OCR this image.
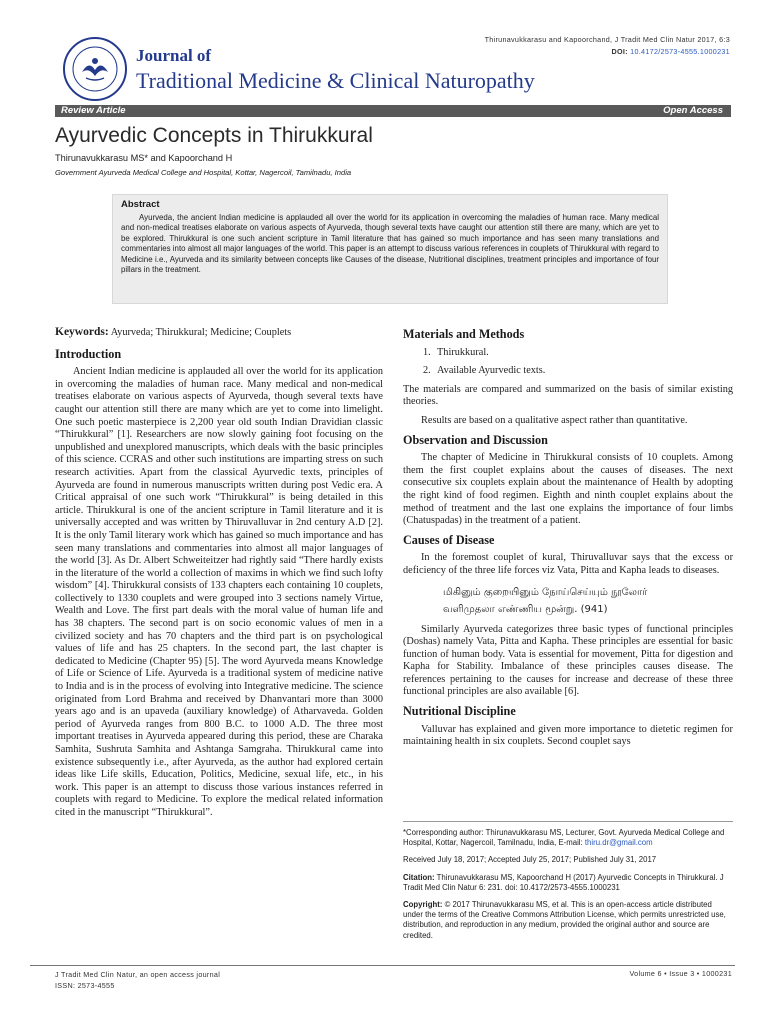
Journal of
Traditional Medicine & Clinical Naturopathy
Thirunavukkarasu and Kapoorchand, J Tradit Med Clin Natur 2017, 6:3
DOI: 10.4172/2573-4555.1000231
Review Article	Open Access
Ayurvedic Concepts in Thirukkural
Thirunavukkarasu MS* and Kapoorchand H
Government Ayurveda Medical College and Hospital, Kottar, Nagercoil, Tamilnadu, India
Abstract
Ayurveda, the ancient Indian medicine is applauded all over the world for its application in overcoming the maladies of human race. Many medical and non-medical treatises elaborate on various aspects of Ayurveda, though several texts have caught our attention still there are many, which are yet to be explored. Thirukkural is one such ancient scripture in Tamil literature that has gained so much importance and has seen many translations and commentaries into almost all major languages of the world. This paper is an attempt to discuss various references in couplets of Thirukkural with regard to Medicine i.e., Ayurveda and its similarity between concepts like Causes of the disease, Nutritional disciplines, treatment principles and importance of four pillars in the treatment.
Keywords: Ayurveda; Thirukkural; Medicine; Couplets
Introduction

Ancient Indian medicine is applauded all over the world for its application in overcoming the maladies of human race. Many medical and non-medical treatises elaborate on various aspects of Ayurveda, though several texts have caught our attention still there are many which are yet to come into limelight. One such poetic masterpiece is 2,200 year old south Indian Dravidian classic “Thirukkural” [1]. Researchers are now slowly gaining foot focusing on the unpublished and unexplored manuscripts, which deals with the basic principles of this science. CCRAS and other such institutions are imparting stress on such research activities. Apart from the classical Ayurvedic texts, principles of Ayurveda are found in numerous manuscripts written during post Vedic era. A Critical appraisal of one such work “Thirukkural” is being detailed in this article. Thirukkural is one of the ancient scripture in Tamil literature and it is universally accepted and was written by Thiruvalluvar in 2nd century A.D [2]. It is the only Tamil literary work which has gained so much importance and has seen many translations and commentaries into almost all major languages of the world [3]. As Dr. Albert Schweiteitzer had rightly said “There hardly exists in the literature of the world a collection of maxims in which we find such lofty wisdom” [4]. Thirukkural consists of 133 chapters each containing 10 couplets, collectively to 1330 couplets and were grouped into 3 sections namely Virtue, Wealth and Love. The first part deals with the moral value of human life and has 38 chapters. The second part is on socio economic values of men in a civilized society and has 70 chapters and the third part is on psychological values of life and has 25 chapters. In the second part, the last chapter is dedicated to Medicine (Chapter 95) [5]. The word Ayurveda means Knowledge of Life or Science of Life. Ayurveda is a traditional system of medicine native to India and is in the process of evolving into Integrative medicine. The science originated from Lord Brahma and received by Dhanvantari more than 3000 years ago and is an upaveda (auxiliary knowledge) of Atharvaveda. Golden period of Ayurveda ranges from 800 B.C. to 1000 A.D. The three most important treatises in Ayurveda appeared during this period, these are Charaka Samhita, Sushruta Samhita and Ashtanga Samgraha. Thirukkural came into existence subsequently i.e., after Ayurveda, as the author had explored certain ideas like Life skills, Education, Politics, Medicine, sexual life, etc., in his work. This paper is an attempt to discuss those various instances referred in couplets with regard to Medicine. To explore the medical related information cited in the manuscript “Thirukkural”.

Materials and Methods
1. Thirukkural.
2. Available Ayurvedic texts.

The materials are compared and summarized on the basis of similar existing theories.

Results are based on a qualitative aspect rather than quantitative.

Observation and Discussion

The chapter of Medicine in Thirukkural consists of 10 couplets. Among them the first couplet explains about the causes of diseases. The next consecutive six couplets explain about the maintenance of Health by adopting the right kind of food regimen. Eighth and ninth couplet explains about the method of treatment and the last one explains the importance of four limbs (Chatuspadas) in the treatment of a patient.

Causes of Disease

In the foremost couplet of kural, Thiruvalluvar says that the excess or deficiency of the three life forces viz Vata, Pitta and Kapha leads to diseases.

மிகினும் குறையினும் நோய்செய்யும் நூலோர்
வளிமுதலா எண்ணிய மூன்று. (941)

Similarly Ayurveda categorizes three basic types of functional principles (Doshas) namely Vata, Pitta and Kapha. These principles are essential for basic function of human body. Vata is essential for movement, Pitta for digestion and Kapha for Stability. Imbalance of these principles causes disease. The references pertaining to the causes for increase and decrease of these three functional principles are also available [6].

Nutritional Discipline

Valluvar has explained and given more importance to dietetic regimen for maintaining health in six couplets. Second couplet says

*Corresponding author: Thirunavukkarasu MS, Lecturer, Govt. Ayurveda Medical College and Hospital, Kottar, Nagercoil, Tamilnadu, India, E-mail: thiru.dr@gmail.com
Received July 18, 2017; Accepted July 25, 2017; Published July 31, 2017
Citation: Thirunavukkarasu MS, Kapoorchand H (2017) Ayurvedic Concepts in Thirukkural. J Tradit Med Clin Natur 6: 231. doi: 10.4172/2573-4555.1000231
Copyright: © 2017 Thirunavukkarasu MS, et al. This is an open-access article distributed under the terms of the Creative Commons Attribution License, which permits unrestricted use, distribution, and reproduction in any medium, provided the original author and source are credited.
J Tradit Med Clin Natur, an open access journal
ISSN: 2573-4555
Volume 6 • Issue 3 • 1000231
